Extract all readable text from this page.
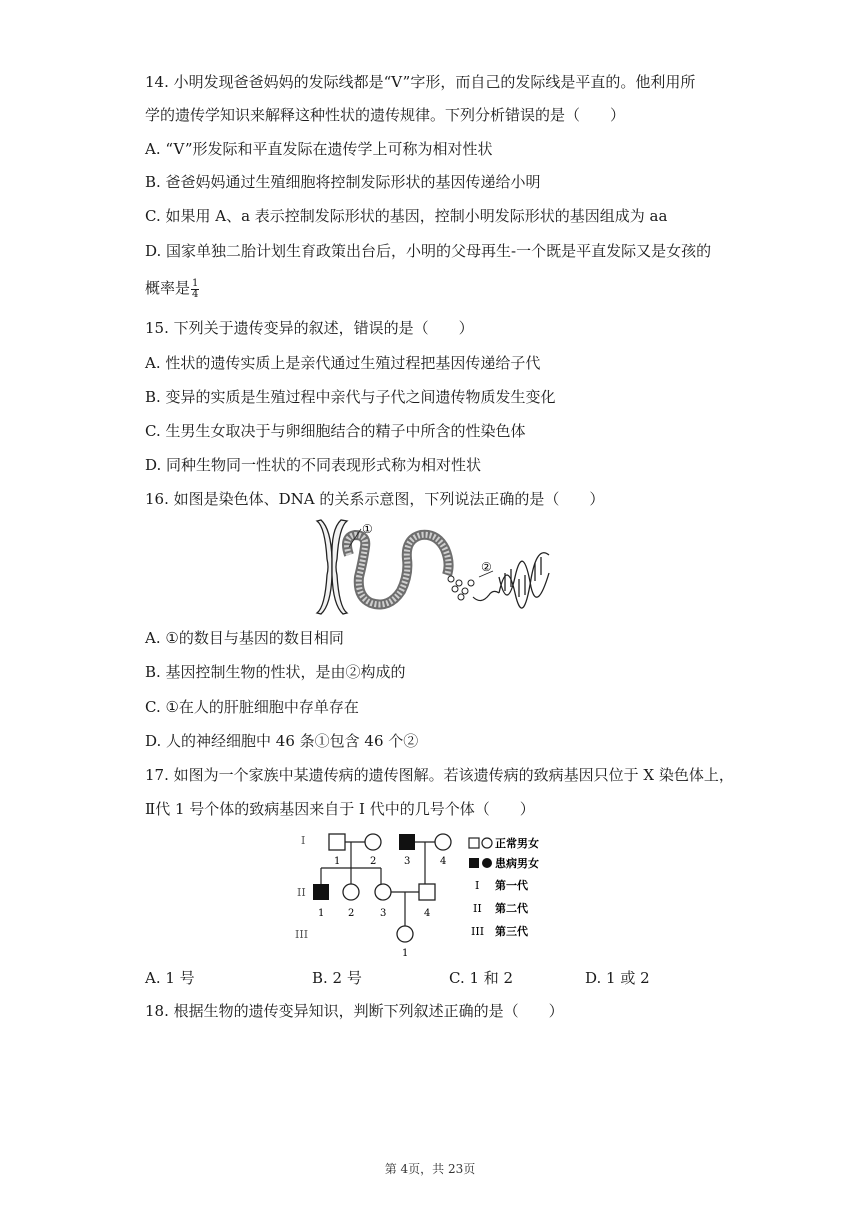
14. 小明发现爸爸妈妈的发际线都是“V”字形，而自己的发际线是平直的。他利用所
学的遗传学知识来解释这种性状的遗传规律。下列分析错误的是（　　）
A. “V”形发际和平直发际在遗传学上可称为相对性状
B. 爸爸妈妈通过生殖细胞将控制发际形状的基因传递给小明
C. 如果用 A、a 表示控制发际形状的基因，控制小明发际形状的基因组成为 aa
D. 国家单独二胎计划生育政策出台后，小明的父母再生-一个既是平直发际又是女孩的
概率是 $\frac{1}{4}$
15. 下列关于遗传变异的叙述，错误的是（　　）
A. 性状的遗传实质上是亲代通过生殖过程把基因传递给子代
B. 变异的实质是生殖过程中亲代与子代之间遗传物质发生变化
C. 生男生女取决于与卵细胞结合的精子中所含的性染色体
D. 同种生物同一性状的不同表现形式称为相对性状
16. 如图是染色体、DNA 的关系示意图，下列说法正确的是（　　）
①
②
A. ①的数目与基因的数目相同
B. 基因控制生物的性状，是由②构成的
C. ①在人的肝脏细胞中存单存在
D. 人的神经细胞中 46 条①包含 46 个②
17. 如图为一个家族中某遗传病的遗传图解。若该遗传病的致病基因只位于 X 染色体上，
Ⅱ代 1 号个体的致病基因来自于 I 代中的几号个体（　　）
I
II
III
1	2	3	4
1 2	3	4
1
正常男女
患病男女
I 第一代
II 第二代
III 第三代
A. 1 号	B. 2 号	C. 1 和 2	D. 1 或 2
18. 根据生物的遗传变异知识，判断下列叙述正确的是（　　）
第 4页，共 23页
